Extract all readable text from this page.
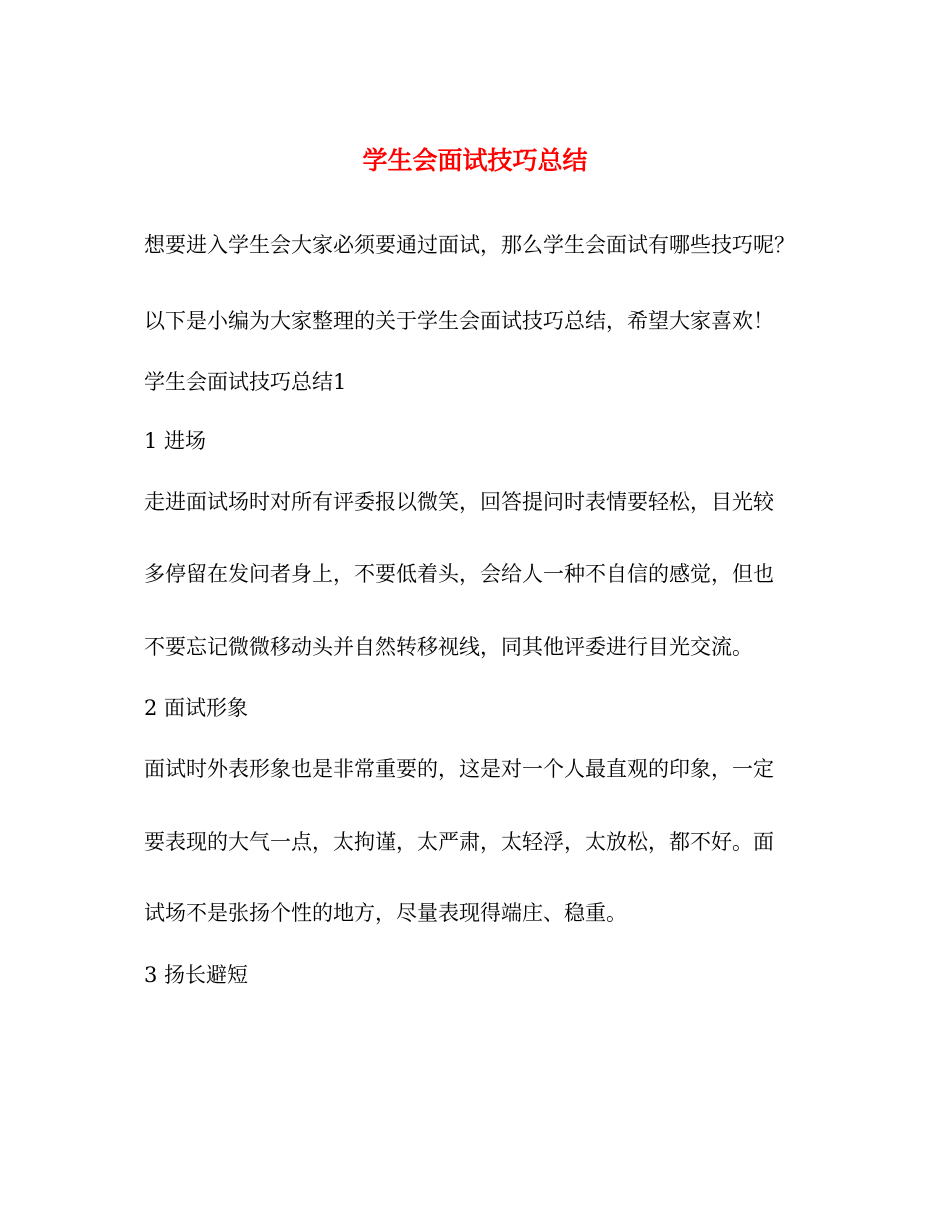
学生会面试技巧总结
想要进入学生会大家必须要通过面试，那么学生会面试有哪些技巧呢？
以下是小编为大家整理的关于学生会面试技巧总结，希望大家喜欢！
学生会面试技巧总结1
1 进场
走进面试场时对所有评委报以微笑，回答提问时表情要轻松，目光较
多停留在发问者身上，不要低着头，会给人一种不自信的感觉，但也
不要忘记微微移动头并自然转移视线，同其他评委进行目光交流。
2 面试形象
面试时外表形象也是非常重要的，这是对一个人最直观的印象，一定
要表现的大气一点，太拘谨，太严肃，太轻浮，太放松，都不好。面
试场不是张扬个性的地方，尽量表现得端庄、稳重。
3 扬长避短
